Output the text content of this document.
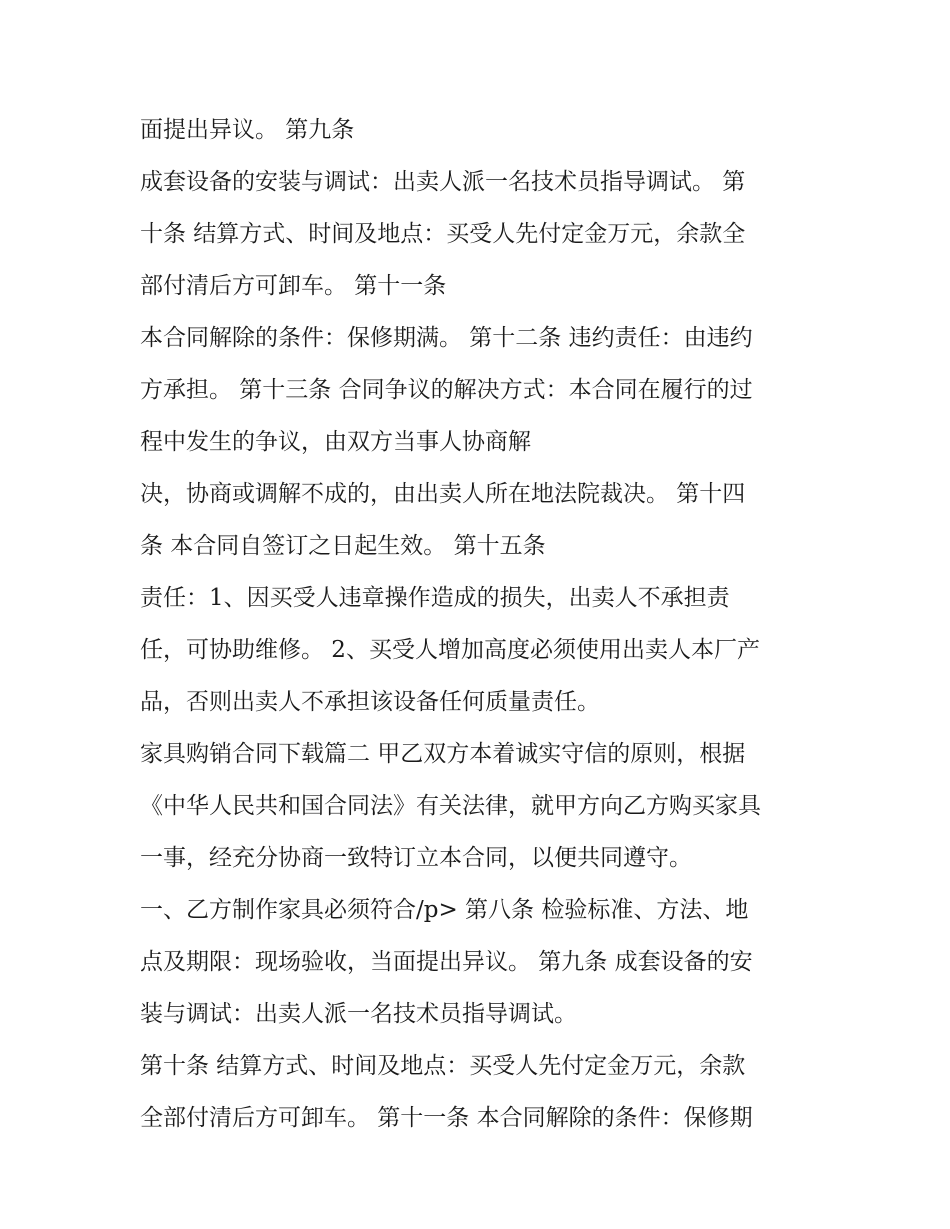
面提出异议。 第九条

成套设备的安装与调试：出卖人派一名技术员指导调试。 第

十条 结算方式、时间及地点：买受人先付定金万元，余款全

部付清后方可卸车。 第十一条

本合同解除的条件：保修期满。 第十二条 违约责任：由违约

方承担。 第十三条 合同争议的解决方式：本合同在履行的过

程中发生的争议，由双方当事人协商解

决，协商或调解不成的，由出卖人所在地法院裁决。 第十四

条 本合同自签订之日起生效。 第十五条

责任：1、因买受人违章操作造成的损失，出卖人不承担责

任，可协助维修。 2、买受人增加高度必须使用出卖人本厂产

品，否则出卖人不承担该设备任何质量责任。

家具购销合同下载篇二 甲乙双方本着诚实守信的原则，根据

《中华人民共和国合同法》有关法律，就甲方向乙方购买家具

一事，经充分协商一致特订立本合同，以便共同遵守。

一、乙方制作家具必须符合/p> 第八条 检验标准、方法、地

点及期限：现场验收，当面提出异议。 第九条 成套设备的安

装与调试：出卖人派一名技术员指导调试。

第十条 结算方式、时间及地点：买受人先付定金万元，余款

全部付清后方可卸车。 第十一条 本合同解除的条件：保修期
